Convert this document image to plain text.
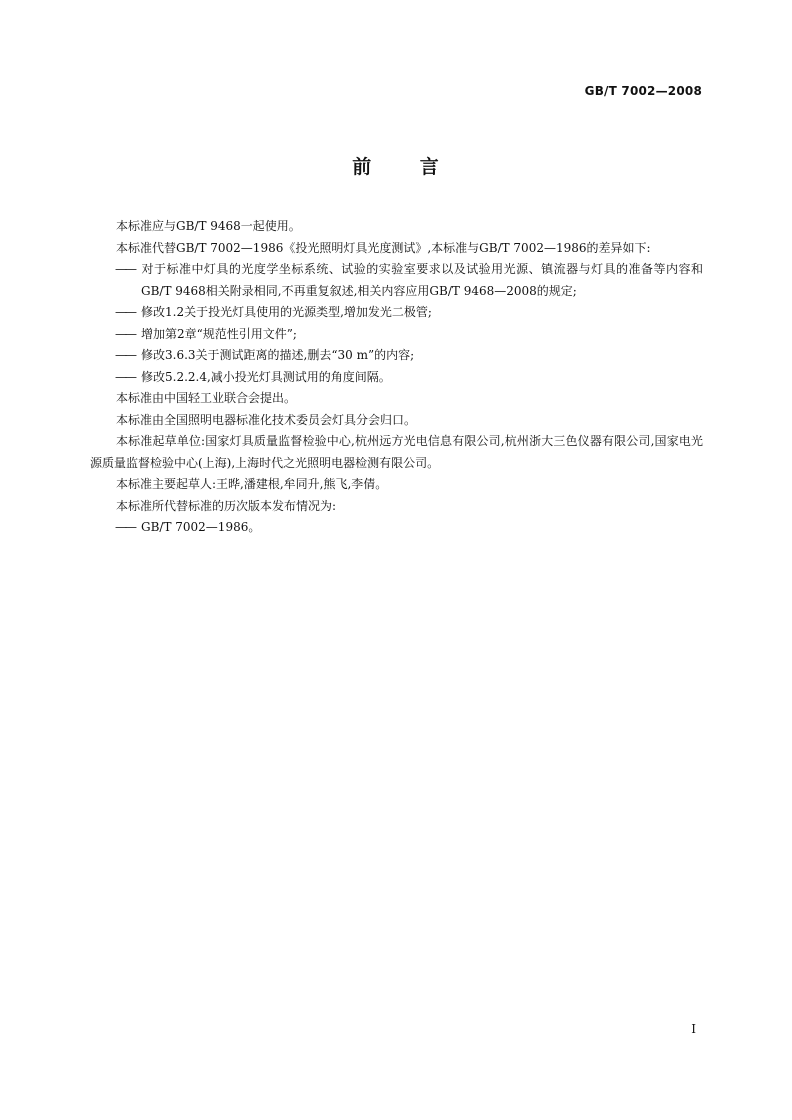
GB/T 7002—2008
前 言

本标准应与GB/T 9468一起使用。

本标准代替GB/T 7002—1986《投光照明灯具光度测试》,本标准与GB/T 7002—1986的差异如下:

—— 对于标准中灯具的光度学坐标系统、试验的实验室要求以及试验用光源、镇流器与灯具的准备等内容和GB/T 9468相关附录相同,不再重复叙述,相关内容应用GB/T 9468—2008的规定;

—— 修改1.2关于投光灯具使用的光源类型,增加发光二极管;

—— 增加第2章“规范性引用文件”;

—— 修改3.6.3关于测试距离的描述,删去“30 m”的内容;

—— 修改5.2.2.4,减小投光灯具测试用的角度间隔。

本标准由中国轻工业联合会提出。

本标准由全国照明电器标准化技术委员会灯具分会归口。

本标准起草单位:国家灯具质量监督检验中心,杭州远方光电信息有限公司,杭州浙大三色仪器有限公司,国家电光源质量监督检验中心(上海),上海时代之光照明电器检测有限公司。

本标准主要起草人:王晔,潘建根,牟同升,熊飞,李倩。

本标准所代替标准的历次版本发布情况为:

—— GB/T 7002—1986。

I
